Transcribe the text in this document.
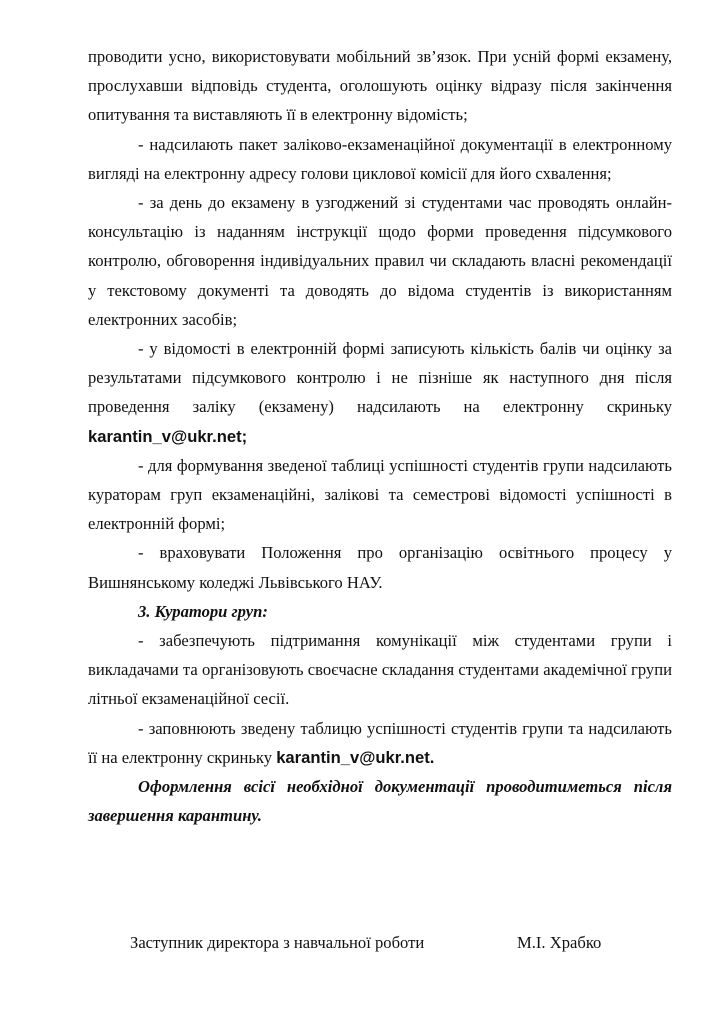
проводити усно, використовувати мобільний зв’язок. При усній формі екзамену, прослухавши відповідь студента, оголошують оцінку відразу після закінчення опитування та виставляють її в електронну відомість;

- надсилають пакет заліково-екзаменаційної документації в електронному вигляді на електронну адресу голови циклової комісії для його схвалення;

- за день до екзамену в узгоджений зі студентами час проводять онлайн-консультацію із наданням інструкції щодо форми проведення підсумкового контролю, обговорення індивідуальних правил чи складають власні рекомендації у текстовому документі та доводять до відома студентів із використанням електронних засобів;

- у відомості в електронній формі записують кількість балів чи оцінку за результатами підсумкового контролю і не пізніше як наступного дня після проведення заліку (екзамену) надсилають на електронну скриньку karantin_v@ukr.net;

- для формування зведеної таблиці успішності студентів групи надсилають кураторам груп екзаменаційні, залікові та семестрові відомості успішності в електронній формі;

- враховувати Положення про організацію освітнього процесу у Вишнянському коледжі Львівського НАУ.

3. Куратори груп:

- забезпечують підтримання комунікації між студентами групи і викладачами та організовують своєчасне складання студентами академічної групи літньої екзаменаційної сесії.

- заповнюють зведену таблицю успішності студентів групи та надсилають її на електронну скриньку karantin_v@ukr.net.

Оформлення всісї необхідної документації проводитиметься після завершення карантину.

Заступник директора з навчальної роботи	М.І. Храбко
